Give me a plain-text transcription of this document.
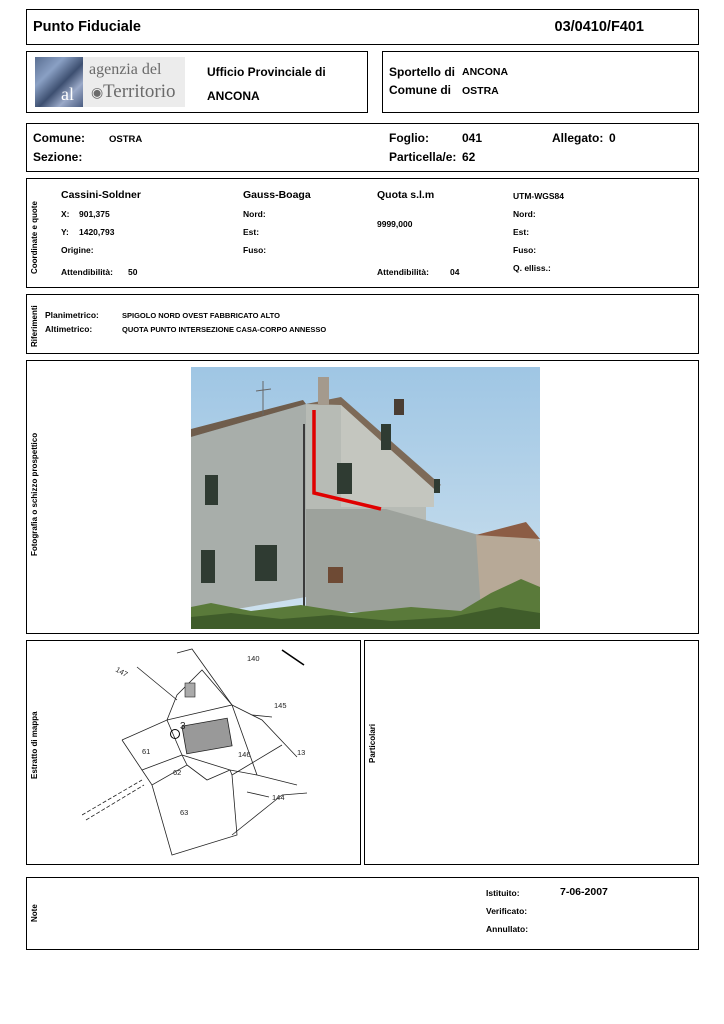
Punto Fiduciale	03/0410/F401
al
agenzia del
Territorio
◉
Ufficio Provinciale di
ANCONA
Sportello di ANCONA
Comune di OSTRA
Comune:	OSTRA
Sezione:
Foglio:	041	Allegato: 0
Particella/e: 62
Coordinate e quote
Cassini-Soldner
X: 901,375
Y: 1420,793
Origine:
Attendibilità: 50
Gauss-Boaga
Nord:
Est:
Fuso:
Quota s.l.m
9999,000
Attendibilità: 04
UTM-WGS84
Nord:
Est:
Fuso:
Q. elliss.:
Riferimenti Planimetrico:	SPIGOLO NORD OVEST FABBRICATO ALTO
Altimetrico:	QUOTA PUNTO INTERSEZIONE CASA-CORPO ANNESSO
Fotografia o schizzo prospettico
Estratto di mappa
140
147
145
3
61	146	13
62
144
63
Particolari
Note
Istituito:	7-06-2007
Verificato:
Annullato:
